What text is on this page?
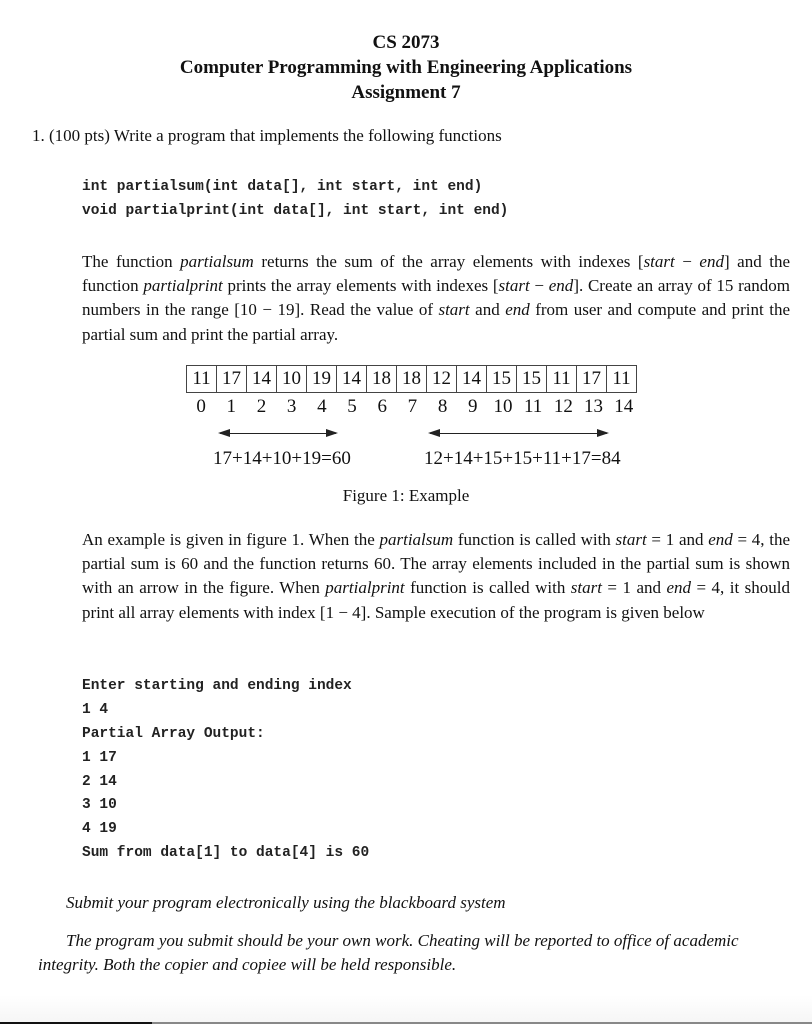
CS 2073
Computer Programming with Engineering Applications
Assignment 7
1. (100 pts) Write a program that implements the following functions
int partialsum(int data[], int start, int end)
void partialprint(int data[], int start, int end)
The function partialsum returns the sum of the array elements with indexes [start − end] and the function partialprint prints the array elements with indexes [start − end]. Create an array of 15 random numbers in the range [10 − 19]. Read the value of start and end from user and compute and print the partial sum and print the partial array.
11	17	14	10	19	14	18	18	12	14	15	15	11	17	11
0	1	2	3	4	5	6	7	8	9 10 11 12 13 14
17+14+10+19=60	12+14+15+15+11+17=84
Figure 1: Example
An example is given in figure 1. When the partialsum function is called with start = 1 and end = 4, the partial sum is 60 and the function returns 60. The array elements included in the partial sum is shown with an arrow in the figure. When partialprint function is called with start = 1 and end = 4, it should print all array elements with index [1 − 4]. Sample execution of the program is given below
Enter starting and ending index
1 4
Partial Array Output:
1 17
2 14
3 10
4 19
Sum from data[1] to data[4] is 60
Submit your program electronically using the blackboard system
The program you submit should be your own work. Cheating will be reported to office of academic
integrity. Both the copier and copiee will be held responsible.
